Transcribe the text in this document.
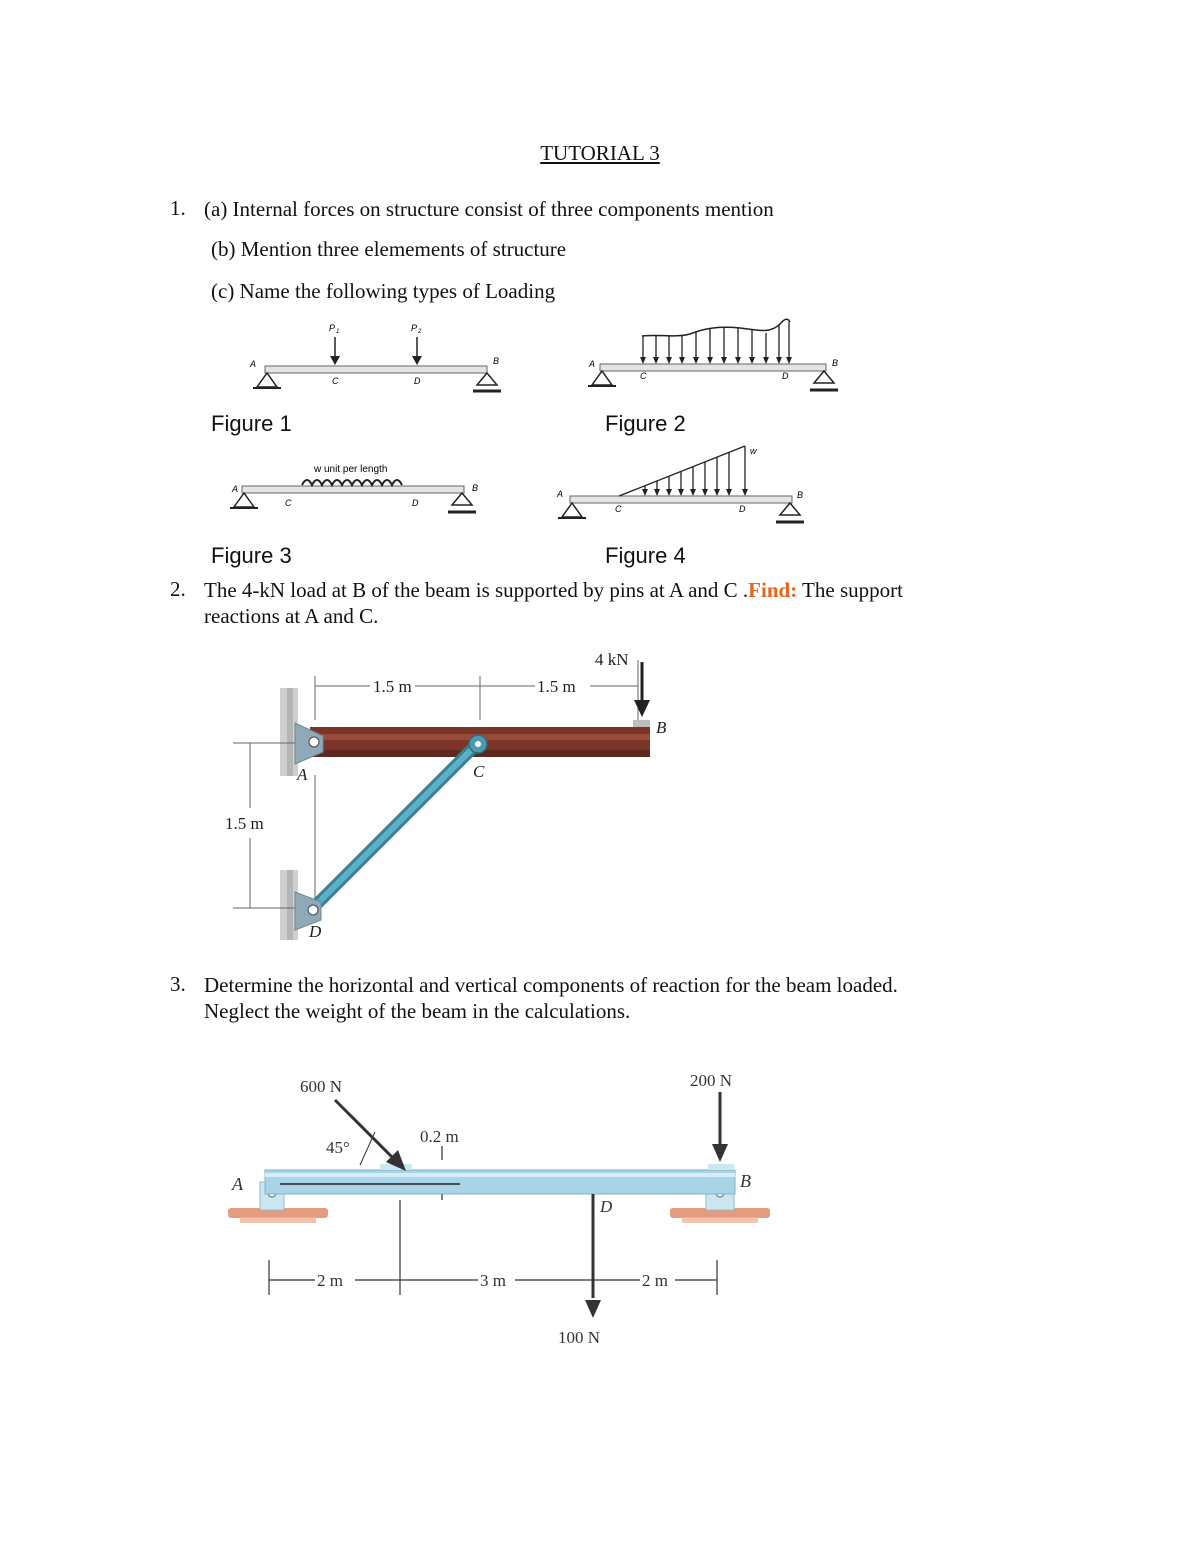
TUTORIAL 3
1. (a) Internal forces on structure consist of three components mention
(b) Mention three elemements of structure
(c) Name the following types of Loading
A	B
C	D
P 1	P 2
A	B
C	D
Figure 1	Figure 2
w unit per length
A	B
C	D
w
A	B
C	D
Figure 3	Figure 4
2. The 4-kN load at B of the beam is supported by pins at A and C .Find: The support
reactions at A and C.
4 kN
1.5 m	1.5 m
1.5 m
A
B
C
D
3. Determine the horizontal and vertical components of reaction for the beam loaded.
Neglect the weight of the beam in the calculations.
600 N	200 N
100 N
45°
0.2 m
A	B
D
2 m	3 m	2 m
